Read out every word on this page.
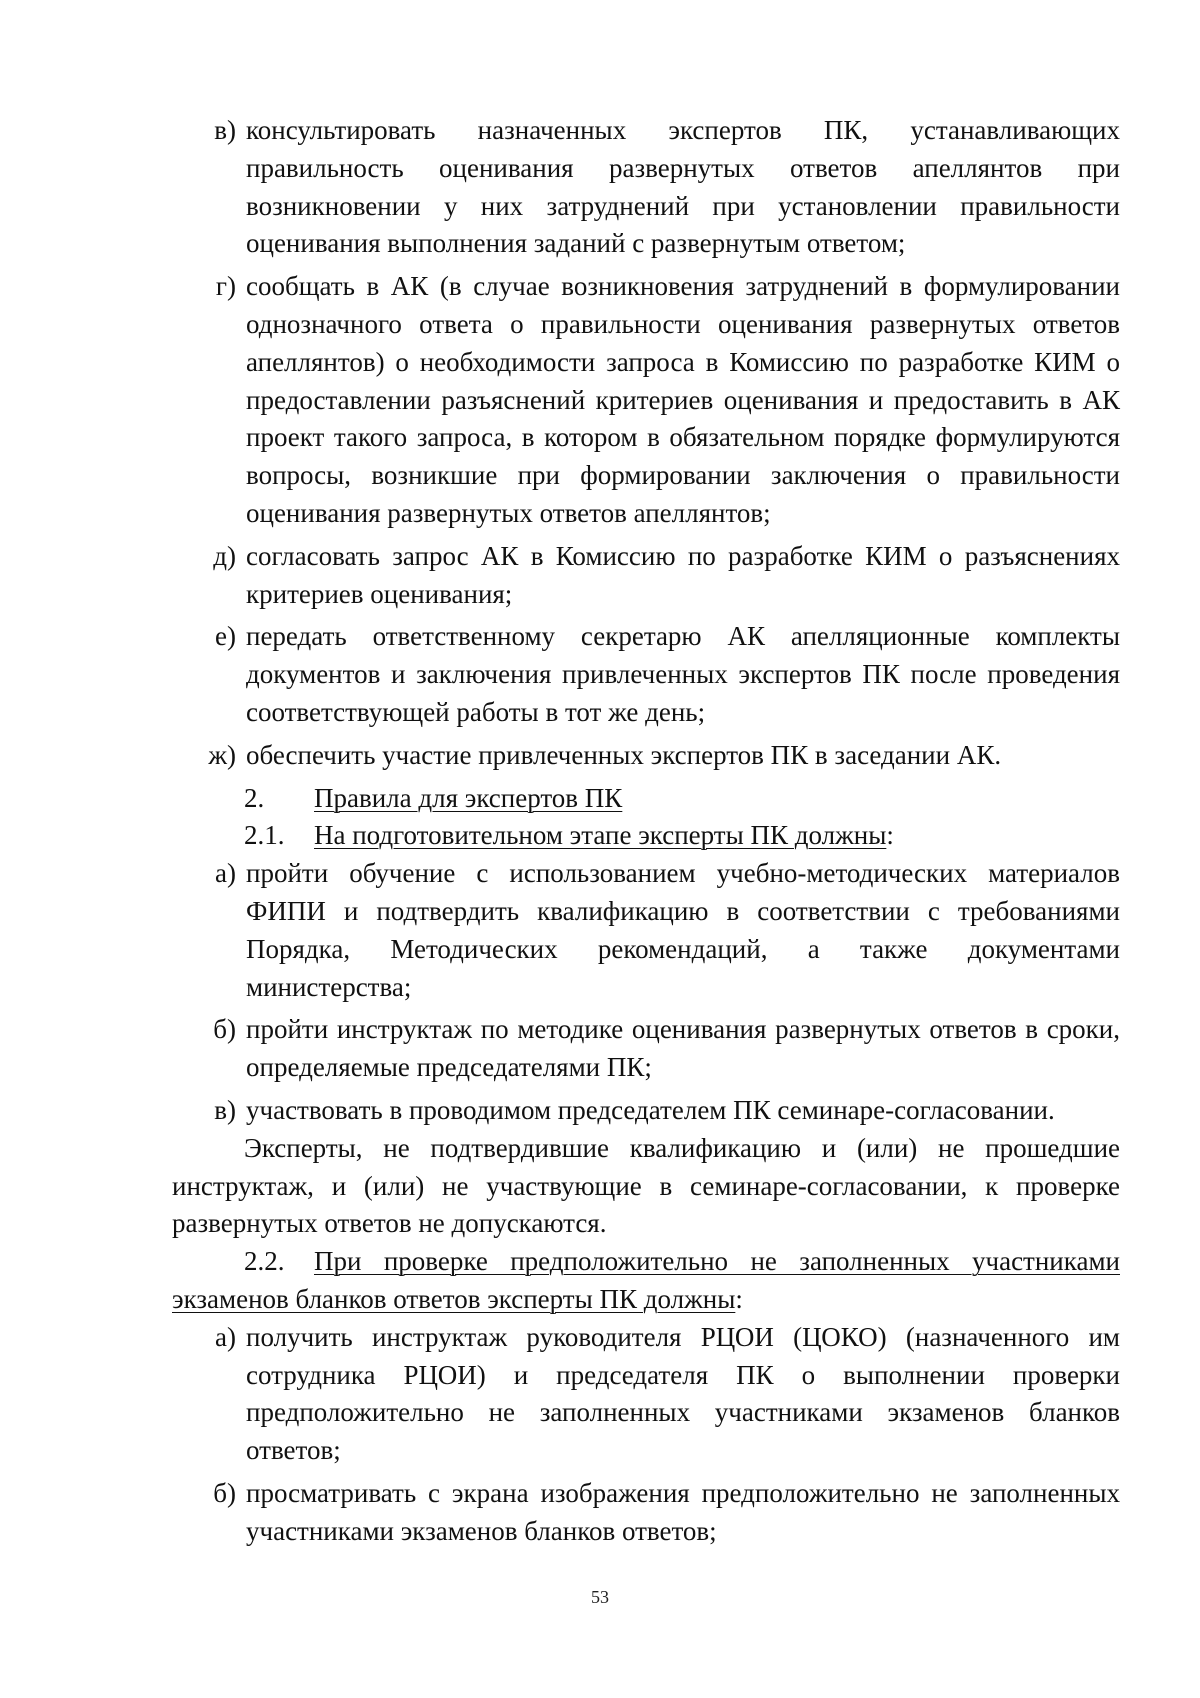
в) консультировать назначенных экспертов ПК, устанавливающих правильность оценивания развернутых ответов апеллянтов при возникновении у них затруднений при установлении правильности оценивания выполнения заданий с развернутым ответом;
г) сообщать в АК (в случае возникновения затруднений в формулировании однозначного ответа о правильности оценивания развернутых ответов апеллянтов) о необходимости запроса в Комиссию по разработке КИМ о предоставлении разъяснений критериев оценивания и предоставить в АК проект такого запроса, в котором в обязательном порядке формулируются вопросы, возникшие при формировании заключения о правильности оценивания развернутых ответов апеллянтов;
д) согласовать запрос АК в Комиссию по разработке КИМ о разъяснениях критериев оценивания;
е) передать ответственному секретарю АК апелляционные комплекты документов и заключения привлеченных экспертов ПК после проведения соответствующей работы в тот же день;
ж) обеспечить участие привлеченных экспертов ПК в заседании АК.
2. Правила для экспертов ПК
2.1. На подготовительном этапе эксперты ПК должны:
а) пройти обучение с использованием учебно-методических материалов ФИПИ и подтвердить квалификацию в соответствии с требованиями Порядка, Методических рекомендаций, а также документами министерства;
б) пройти инструктаж по методике оценивания развернутых ответов в сроки, определяемые председателями ПК;
в) участвовать в проводимом председателем ПК семинаре-согласовании.
Эксперты, не подтвердившие квалификацию и (или) не прошедшие инструктаж, и (или) не участвующие в семинаре-согласовании, к проверке развернутых ответов не допускаются.
2.2. При проверке предположительно не заполненных участниками экзаменов бланков ответов эксперты ПК должны:
а) получить инструктаж руководителя РЦОИ (ЦОКО) (назначенного им сотрудника РЦОИ) и председателя ПК о выполнении проверки предположительно не заполненных участниками экзаменов бланков ответов;
б) просматривать с экрана изображения предположительно не заполненных участниками экзаменов бланков ответов;
53
